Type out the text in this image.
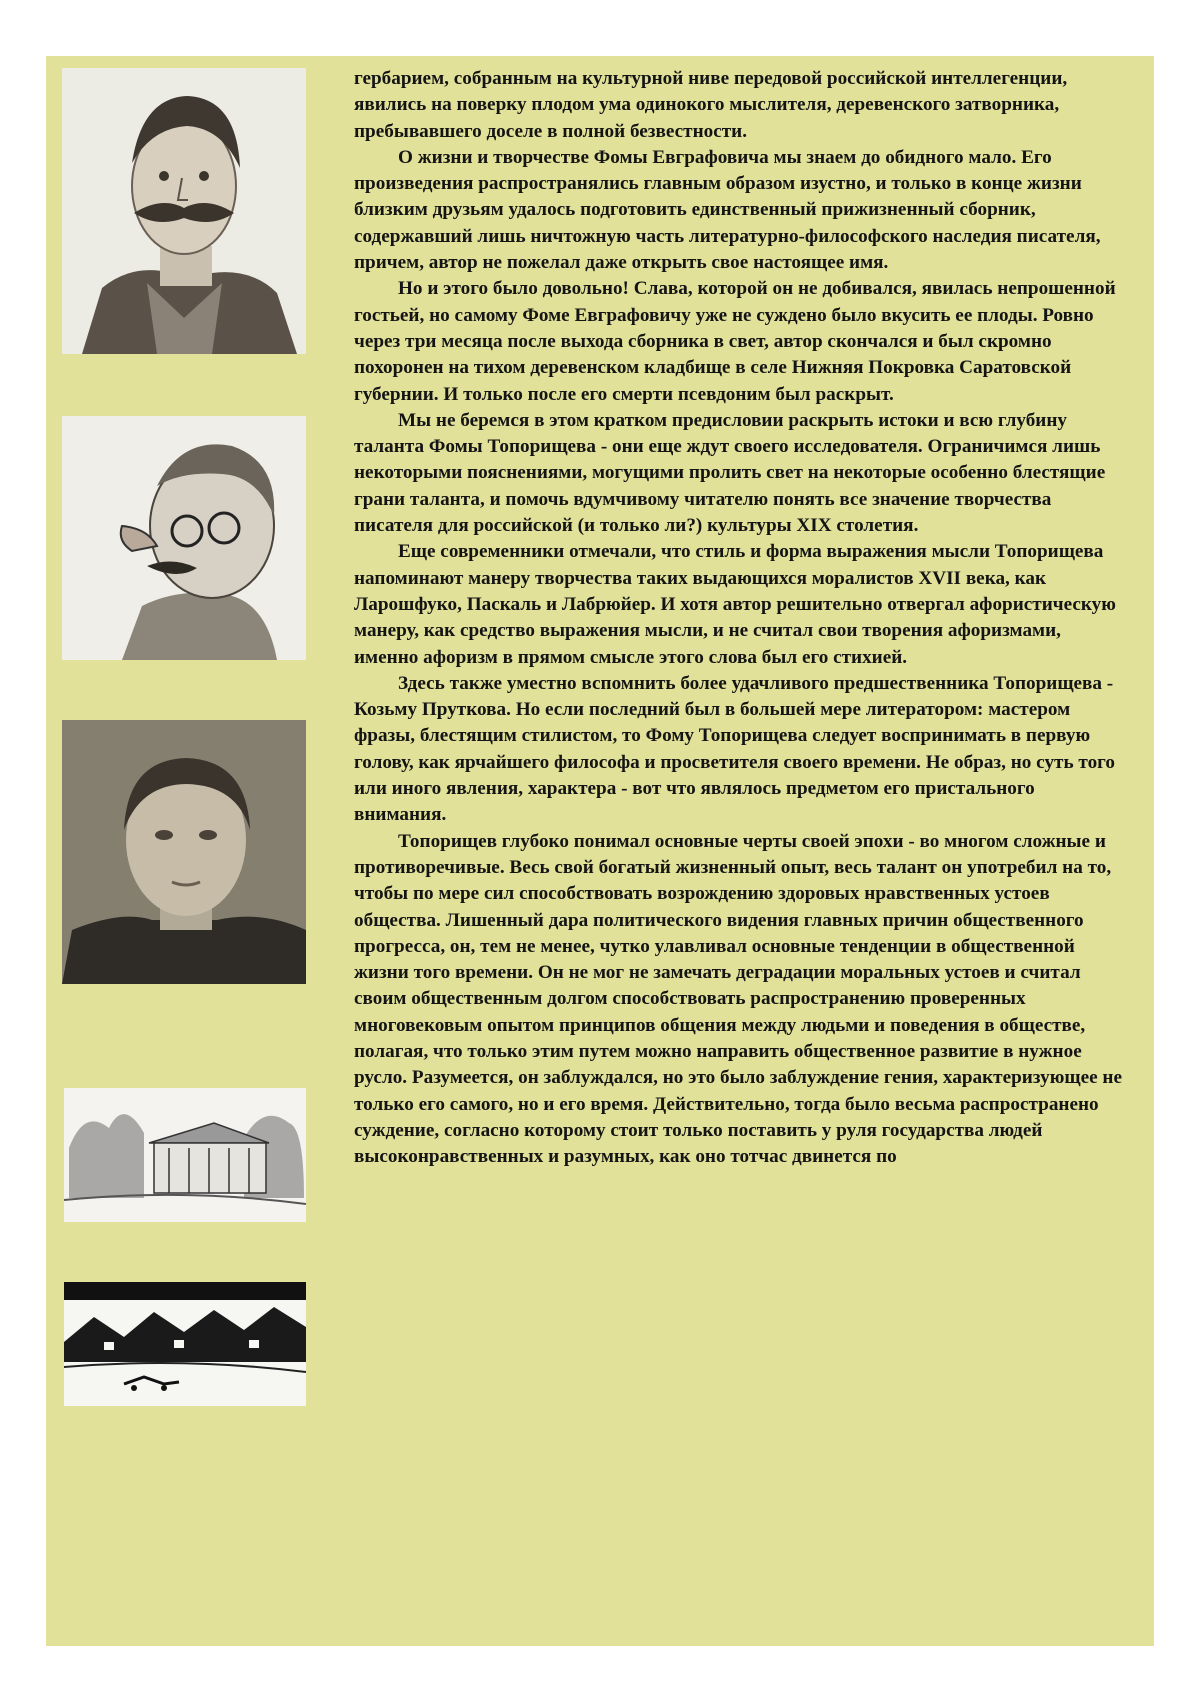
гербарием, собранным на культурной ниве передовой российской интеллегенции, явились на поверку плодом ума одинокого мыслителя, деревенского затворника, пребывавшего доселе в полной безвестности.

О жизни и творчестве Фомы Евграфовича мы знаем до обидного мало. Его произведения распространялись главным образом изустно, и только в конце жизни близким друзьям удалось подготовить единственный прижизненный сборник, содержавший лишь ничтожную часть литературно-философского наследия писателя, причем, автор не пожелал даже открыть свое настоящее имя.

Но и этого было довольно! Слава, которой он не добивался, явилась непрошенной гостьей, но самому Фоме Евграфовичу уже не суждено было вкусить ее плоды. Ровно через три месяца после выхода сборника в свет, автор скончался и был скромно похоронен на тихом деревенском кладбище в селе Нижняя Покровка Саратовской губернии. И только после его смерти псевдоним был раскрыт.

Мы не беремся в этом кратком предисловии раскрыть истоки и всю глубину таланта Фомы Топорищева - они еще ждут своего исследователя. Ограничимся лишь некоторыми пояснениями, могущими пролить свет на некоторые особенно блестящие грани таланта, и помочь вдумчивому читателю понять все значение творчества писателя для российской (и только ли?) культуры XIX столетия.

Еще современники отмечали, что стиль и форма выражения мысли Топорищева напоминают манеру творчества таких выдающихся моралистов XVII века, как Ларошфуко, Паскаль и Лабрюйер. И хотя автор решительно отвергал афористическую манеру, как средство выражения мысли, и не считал свои творения афоризмами, именно афоризм в прямом смысле этого слова был его стихией.

Здесь также уместно вспомнить более удачливого предшественника Топорищева - Козьму Пруткова. Но если последний был в большей мере литератором: мастером фразы, блестящим стилистом, то Фому Топорищева следует воспринимать в первую голову, как ярчайшего философа и просветителя своего времени. Не образ, но суть того или иного явления, характера - вот что являлось предметом его пристального внимания.

Топорищев глубоко понимал основные черты своей эпохи - во многом сложные и противоречивые. Весь свой богатый жизненный опыт, весь талант он употребил на то, чтобы по мере сил способствовать возрождению здоровых нравственных устоев общества. Лишенный дара политического видения главных причин общественного прогресса, он, тем не менее, чутко улавливал основные тенденции в общественной жизни того времени. Он не мог не замечать деградации моральных устоев и считал своим общественным долгом способствовать распространению проверенных многовековым опытом принципов общения между людьми и поведения в обществе, полагая, что только этим путем можно направить общественное развитие в нужное русло. Разумеется, он заблуждался, но это было заблуждение гения, характеризующее не только его самого, но и его время. Действительно, тогда было весьма распространено суждение, согласно которому стоит только поставить у руля государства людей высоконравственных и разумных, как оно тотчас двинется по
